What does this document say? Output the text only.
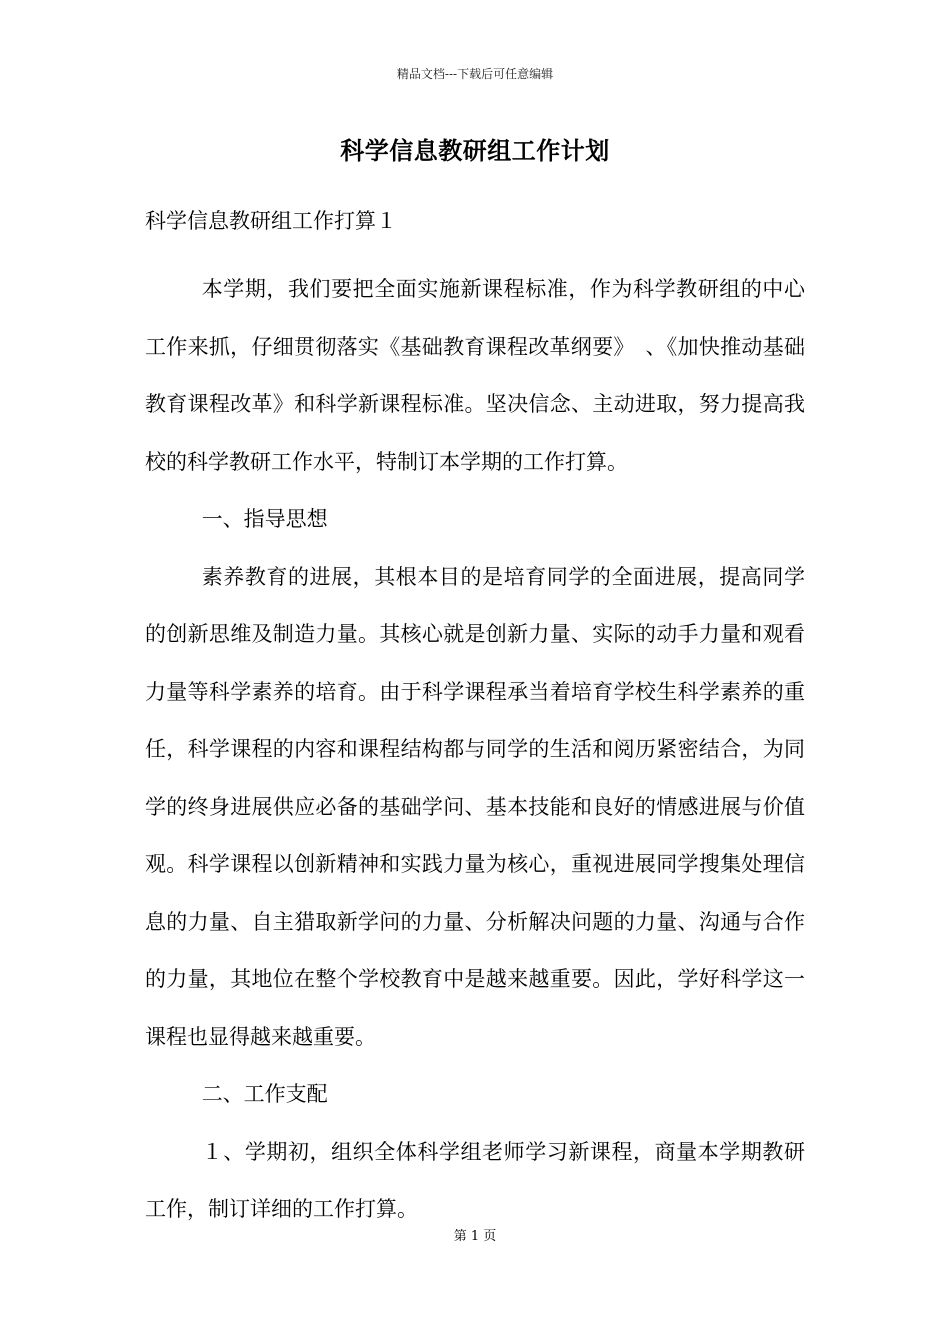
精品文档---下载后可任意编辑
科学信息教研组工作计划
科学信息教研组工作打算１

本学期，我们要把全面实施新课程标准，作为科学教研组的中心工作来抓，仔细贯彻落实《基础教育课程改革纲要》　、《加快推动基础教育课程改革》和科学新课程标准。坚决信念、主动进取，努力提高我校的科学教研工作水平，特制订本学期的工作打算。

一、指导思想

素养教育的进展，其根本目的是培育同学的全面进展，提高同学的创新思维及制造力量。其核心就是创新力量、实际的动手力量和观看力量等科学素养的培育。由于科学课程承当着培育学校生科学素养的重任，科学课程的内容和课程结构都与同学的生活和阅历紧密结合，为同学的终身进展供应必备的基础学问、基本技能和良好的情感进展与价值观。科学课程以创新精神和实践力量为核心，重视进展同学搜集处理信息的力量、自主猎取新学问的力量、分析解决问题的力量、沟通与合作的力量，其地位在整个学校教育中是越来越重要。因此，学好科学这一课程也显得越来越重要。

二、工作支配

１、学期初，组织全体科学组老师学习新课程，商量本学期教研工作，制订详细的工作打算。

第 1 页
